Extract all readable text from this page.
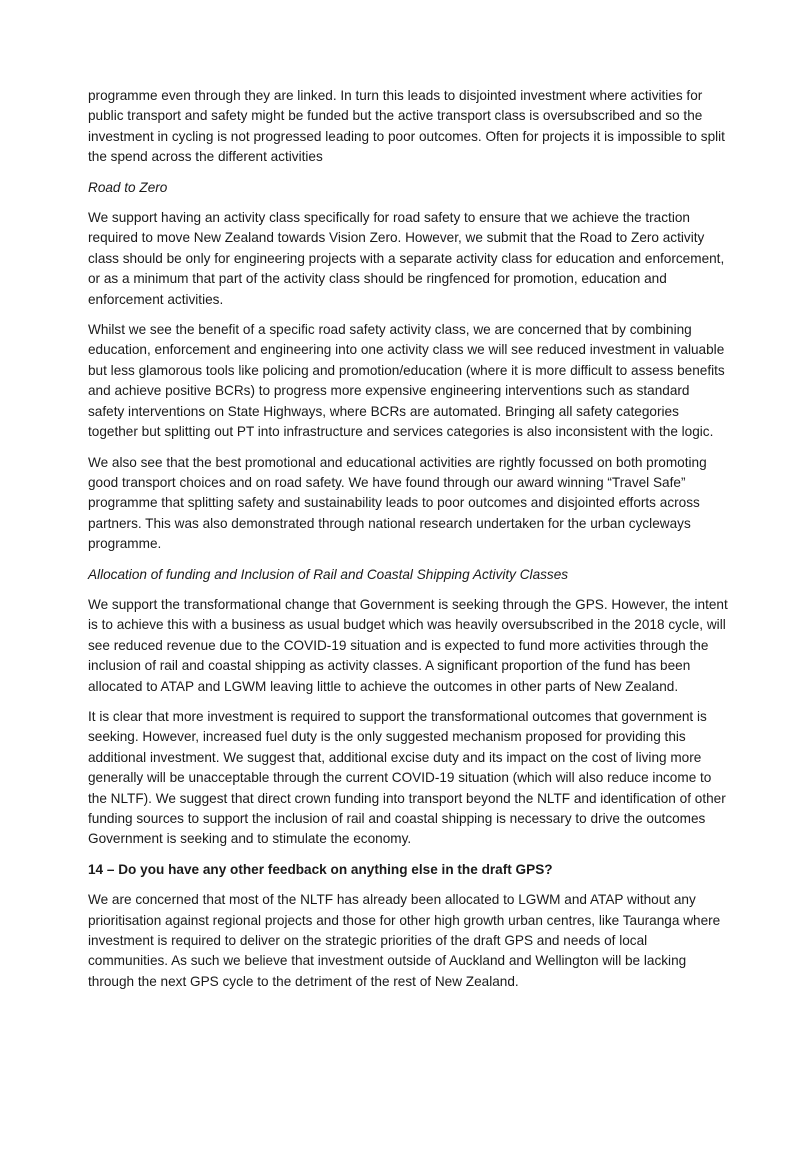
programme even through they are linked. In turn this leads to disjointed investment where activities for public transport and safety might be funded but the active transport class is oversubscribed and so the investment in cycling is not progressed leading to poor outcomes. Often for projects it is impossible to split the spend across the different activities

Road to Zero

We support having an activity class specifically for road safety to ensure that we achieve the traction required to move New Zealand towards Vision Zero. However, we submit that the Road to Zero activity class should be only for engineering projects with a separate activity class for education and enforcement, or as a minimum that part of the activity class should be ringfenced for promotion, education and enforcement activities.

Whilst we see the benefit of a specific road safety activity class, we are concerned that by combining education, enforcement and engineering into one activity class we will see reduced investment in valuable but less glamorous tools like policing and promotion/education (where it is more difficult to assess benefits and achieve positive BCRs) to progress more expensive engineering interventions such as standard safety interventions on State Highways, where BCRs are automated. Bringing all safety categories together but splitting out PT into infrastructure and services categories is also inconsistent with the logic.

We also see that the best promotional and educational activities are rightly focussed on both promoting good transport choices and on road safety. We have found through our award winning “Travel Safe” programme that splitting safety and sustainability leads to poor outcomes and disjointed efforts across partners. This was also demonstrated through national research undertaken for the urban cycleways programme.

Allocation of funding and Inclusion of Rail and Coastal Shipping Activity Classes

We support the transformational change that Government is seeking through the GPS. However, the intent is to achieve this with a business as usual budget which was heavily oversubscribed in the 2018 cycle, will see reduced revenue due to the COVID-19 situation and is expected to fund more activities through the inclusion of rail and coastal shipping as activity classes. A significant proportion of the fund has been allocated to ATAP and LGWM leaving little to achieve the outcomes in other parts of New Zealand.

It is clear that more investment is required to support the transformational outcomes that government is seeking. However, increased fuel duty is the only suggested mechanism proposed for providing this additional investment. We suggest that, additional excise duty and its impact on the cost of living more generally will be unacceptable through the current COVID-19 situation (which will also reduce income to the NLTF). We suggest that direct crown funding into transport beyond the NLTF and identification of other funding sources to support the inclusion of rail and coastal shipping is necessary to drive the outcomes Government is seeking and to stimulate the economy.

14 – Do you have any other feedback on anything else in the draft GPS?

We are concerned that most of the NLTF has already been allocated to LGWM and ATAP without any prioritisation against regional projects and those for other high growth urban centres, like Tauranga where investment is required to deliver on the strategic priorities of the draft GPS and needs of local communities. As such we believe that investment outside of Auckland and Wellington will be lacking through the next GPS cycle to the detriment of the rest of New Zealand.
